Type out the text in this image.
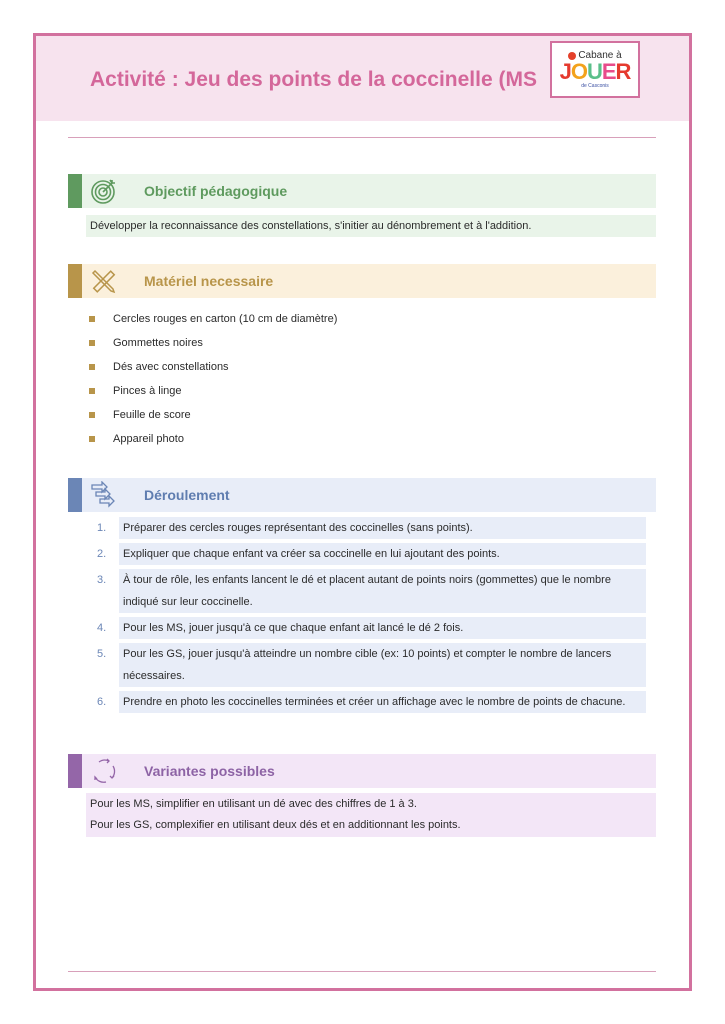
Activité : Jeu des points de la coccinelle (MS
Cabane à
JOUER
de Casconis
Objectif pédagogique
Développer la reconnaissance des constellations, s'initier au dénombrement et à l'addition.
Matériel necessaire
Cercles rouges en carton (10 cm de diamètre)
Gommettes noires
Dés avec constellations
Pinces à linge
Feuille de score
Appareil photo
Déroulement
1.	Préparer des cercles rouges représentant des coccinelles (sans points).
2.	Expliquer que chaque enfant va créer sa coccinelle en lui ajoutant des points.
3.	À tour de rôle, les enfants lancent le dé et placent autant de points noirs (gommettes) que le nombre indiqué sur leur coccinelle.
4.	Pour les MS, jouer jusqu'à ce que chaque enfant ait lancé le dé 2 fois.
5.	Pour les GS, jouer jusqu'à atteindre un nombre cible (ex: 10 points) et compter le nombre de lancers nécessaires.
6.	Prendre en photo les coccinelles terminées et créer un affichage avec le nombre de points de chacune.
Variantes possibles
Pour les MS, simplifier en utilisant un dé avec des chiffres de 1 à 3.
Pour les GS, complexifier en utilisant deux dés et en additionnant les points.
